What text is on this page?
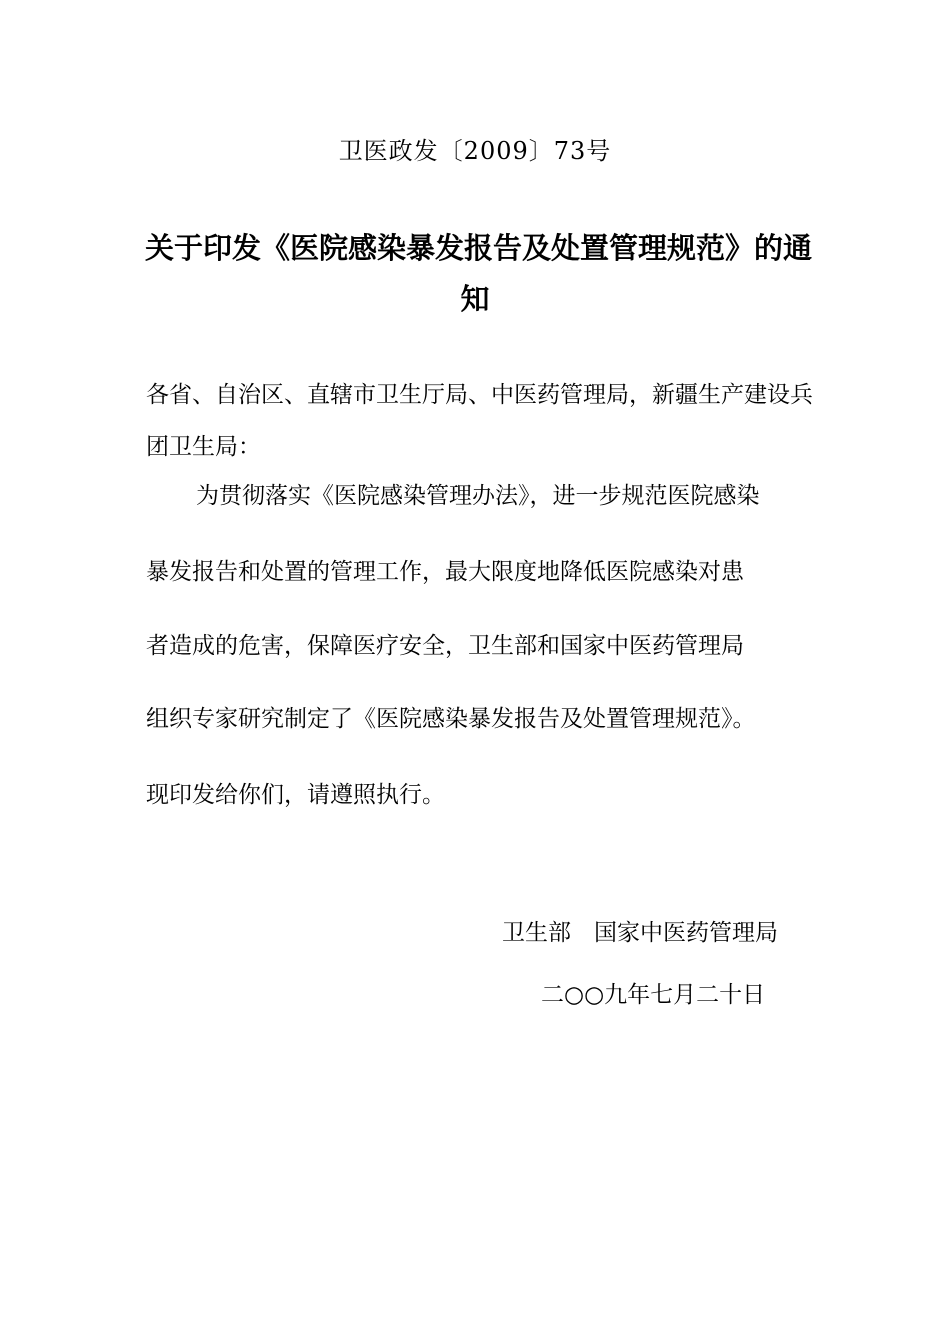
卫医政发〔2009〕73号
关于印发《医院感染暴发报告及处置管理规范》的通
知
各省、自治区、直辖市卫生厅局、中医药管理局，新疆生产建设兵
团卫生局：
为贯彻落实《医院感染管理办法》，进一步规范医院感染
暴发报告和处置的管理工作，最大限度地降低医院感染对患
者造成的危害，保障医疗安全，卫生部和国家中医药管理局
组织专家研究制定了《医院感染暴发报告及处置管理规范》。
现印发给你们，请遵照执行。
卫生部　国家中医药管理局
二○○九年七月二十日
